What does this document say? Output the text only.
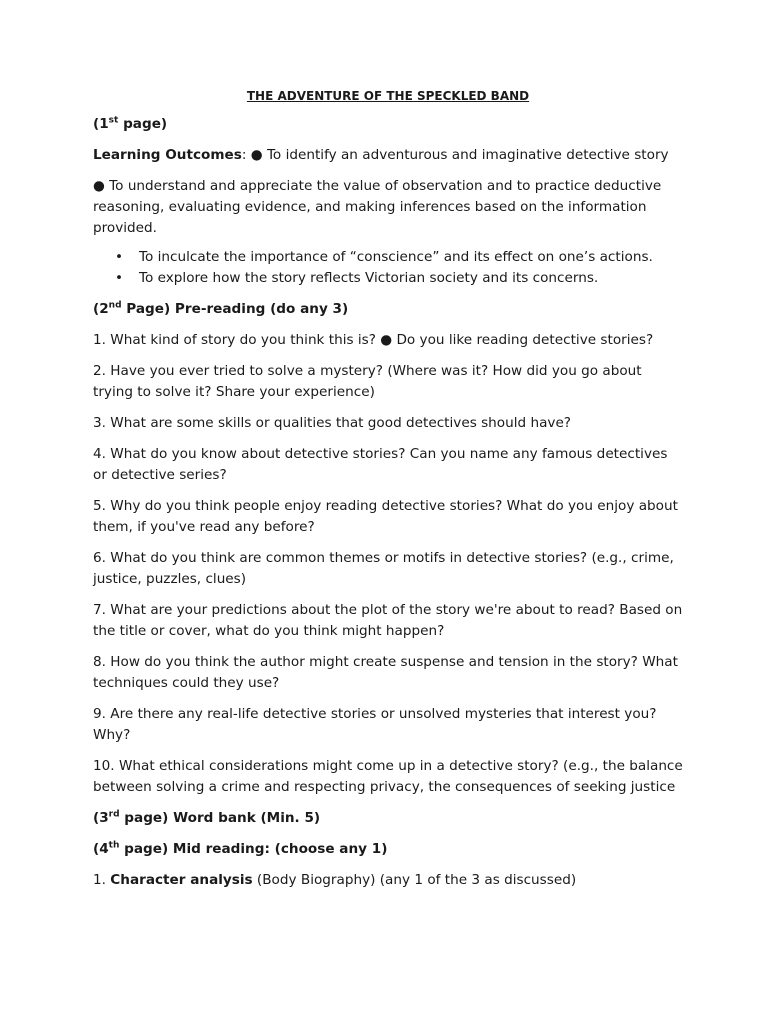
THE ADVENTURE OF THE SPECKLED BAND

(1st page)

Learning Outcomes: ● To identify an adventurous and imaginative detective story

● To understand and appreciate the value of observation and to practice deductive reasoning, evaluating evidence, and making inferences based on the information provided.

• To inculcate the importance of “conscience” and its effect on one’s actions.
• To explore how the story reflects Victorian society and its concerns.

(2nd Page) Pre-reading (do any 3)

1. What kind of story do you think this is? ● Do you like reading detective stories?

2. Have you ever tried to solve a mystery? (Where was it? How did you go about trying to solve it? Share your experience)

3. What are some skills or qualities that good detectives should have?

4. What do you know about detective stories? Can you name any famous detectives or detective series?

5. Why do you think people enjoy reading detective stories? What do you enjoy about them, if you've read any before?

6. What do you think are common themes or motifs in detective stories? (e.g., crime, justice, puzzles, clues)

7. What are your predictions about the plot of the story we're about to read? Based on the title or cover, what do you think might happen?

8. How do you think the author might create suspense and tension in the story? What techniques could they use?

9. Are there any real-life detective stories or unsolved mysteries that interest you? Why?

10. What ethical considerations might come up in a detective story? (e.g., the balance between solving a crime and respecting privacy, the consequences of seeking justice

(3rd page) Word bank (Min. 5)

(4th page) Mid reading: (choose any 1)

1. Character analysis (Body Biography) (any 1 of the 3 as discussed)
